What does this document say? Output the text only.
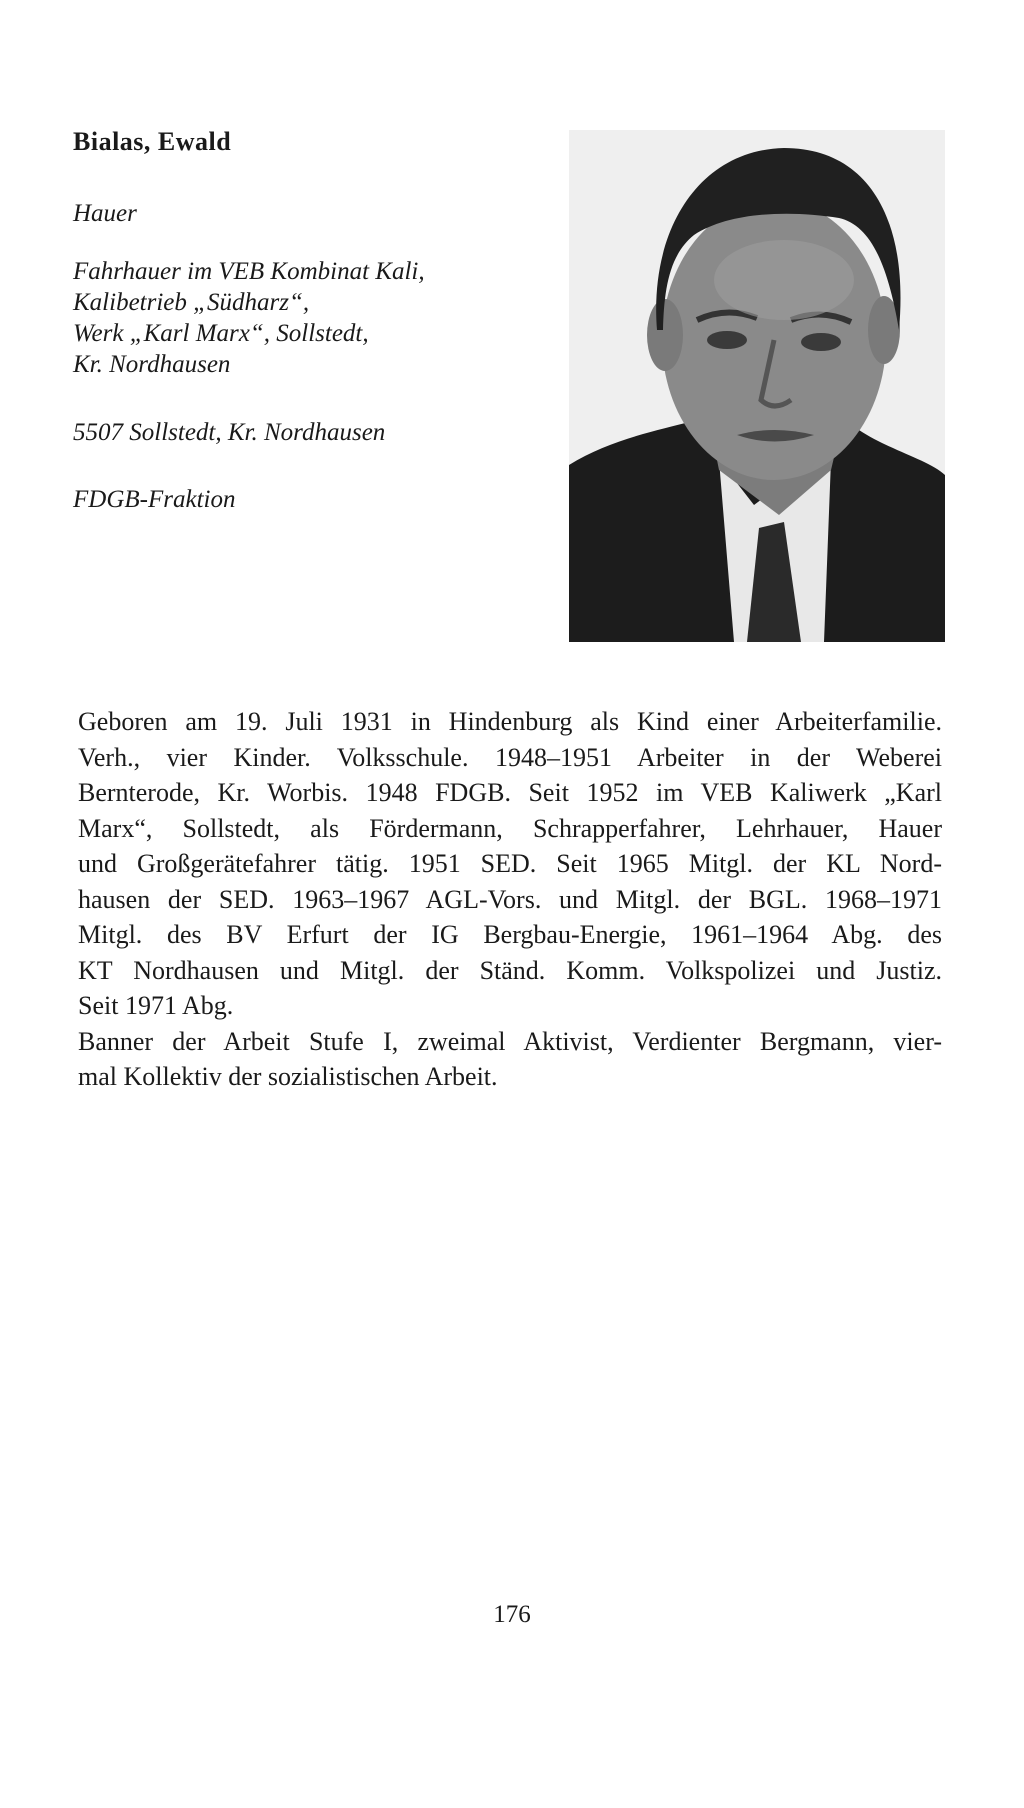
Bialas, Ewald
Hauer
Fahrhauer im VEB Kombinat Kali,
Kalibetrieb „Südharz“,
Werk „Karl Marx“, Sollstedt,
Kr. Nordhausen
5507 Sollstedt, Kr. Nordhausen
FDGB-Fraktion
Geboren am 19. Juli 1931 in Hindenburg als Kind einer Arbeiterfamilie.
Verh., vier Kinder. Volksschule. 1948–1951 Arbeiter in der Weberei
Bernterode, Kr. Worbis. 1948 FDGB. Seit 1952 im VEB Kaliwerk „Karl
Marx“, Sollstedt, als Fördermann, Schrapperfahrer, Lehrhauer, Hauer
und Großgerätefahrer tätig. 1951 SED. Seit 1965 Mitgl. der KL Nord-
hausen der SED. 1963–1967 AGL-Vors. und Mitgl. der BGL. 1968–1971
Mitgl. des BV Erfurt der IG Bergbau-Energie, 1961–1964 Abg. des
KT Nordhausen und Mitgl. der Ständ. Komm. Volkspolizei und Justiz.
Seit 1971 Abg.
Banner der Arbeit Stufe I, zweimal Aktivist, Verdienter Bergmann, vier-
mal Kollektiv der sozialistischen Arbeit.
176
